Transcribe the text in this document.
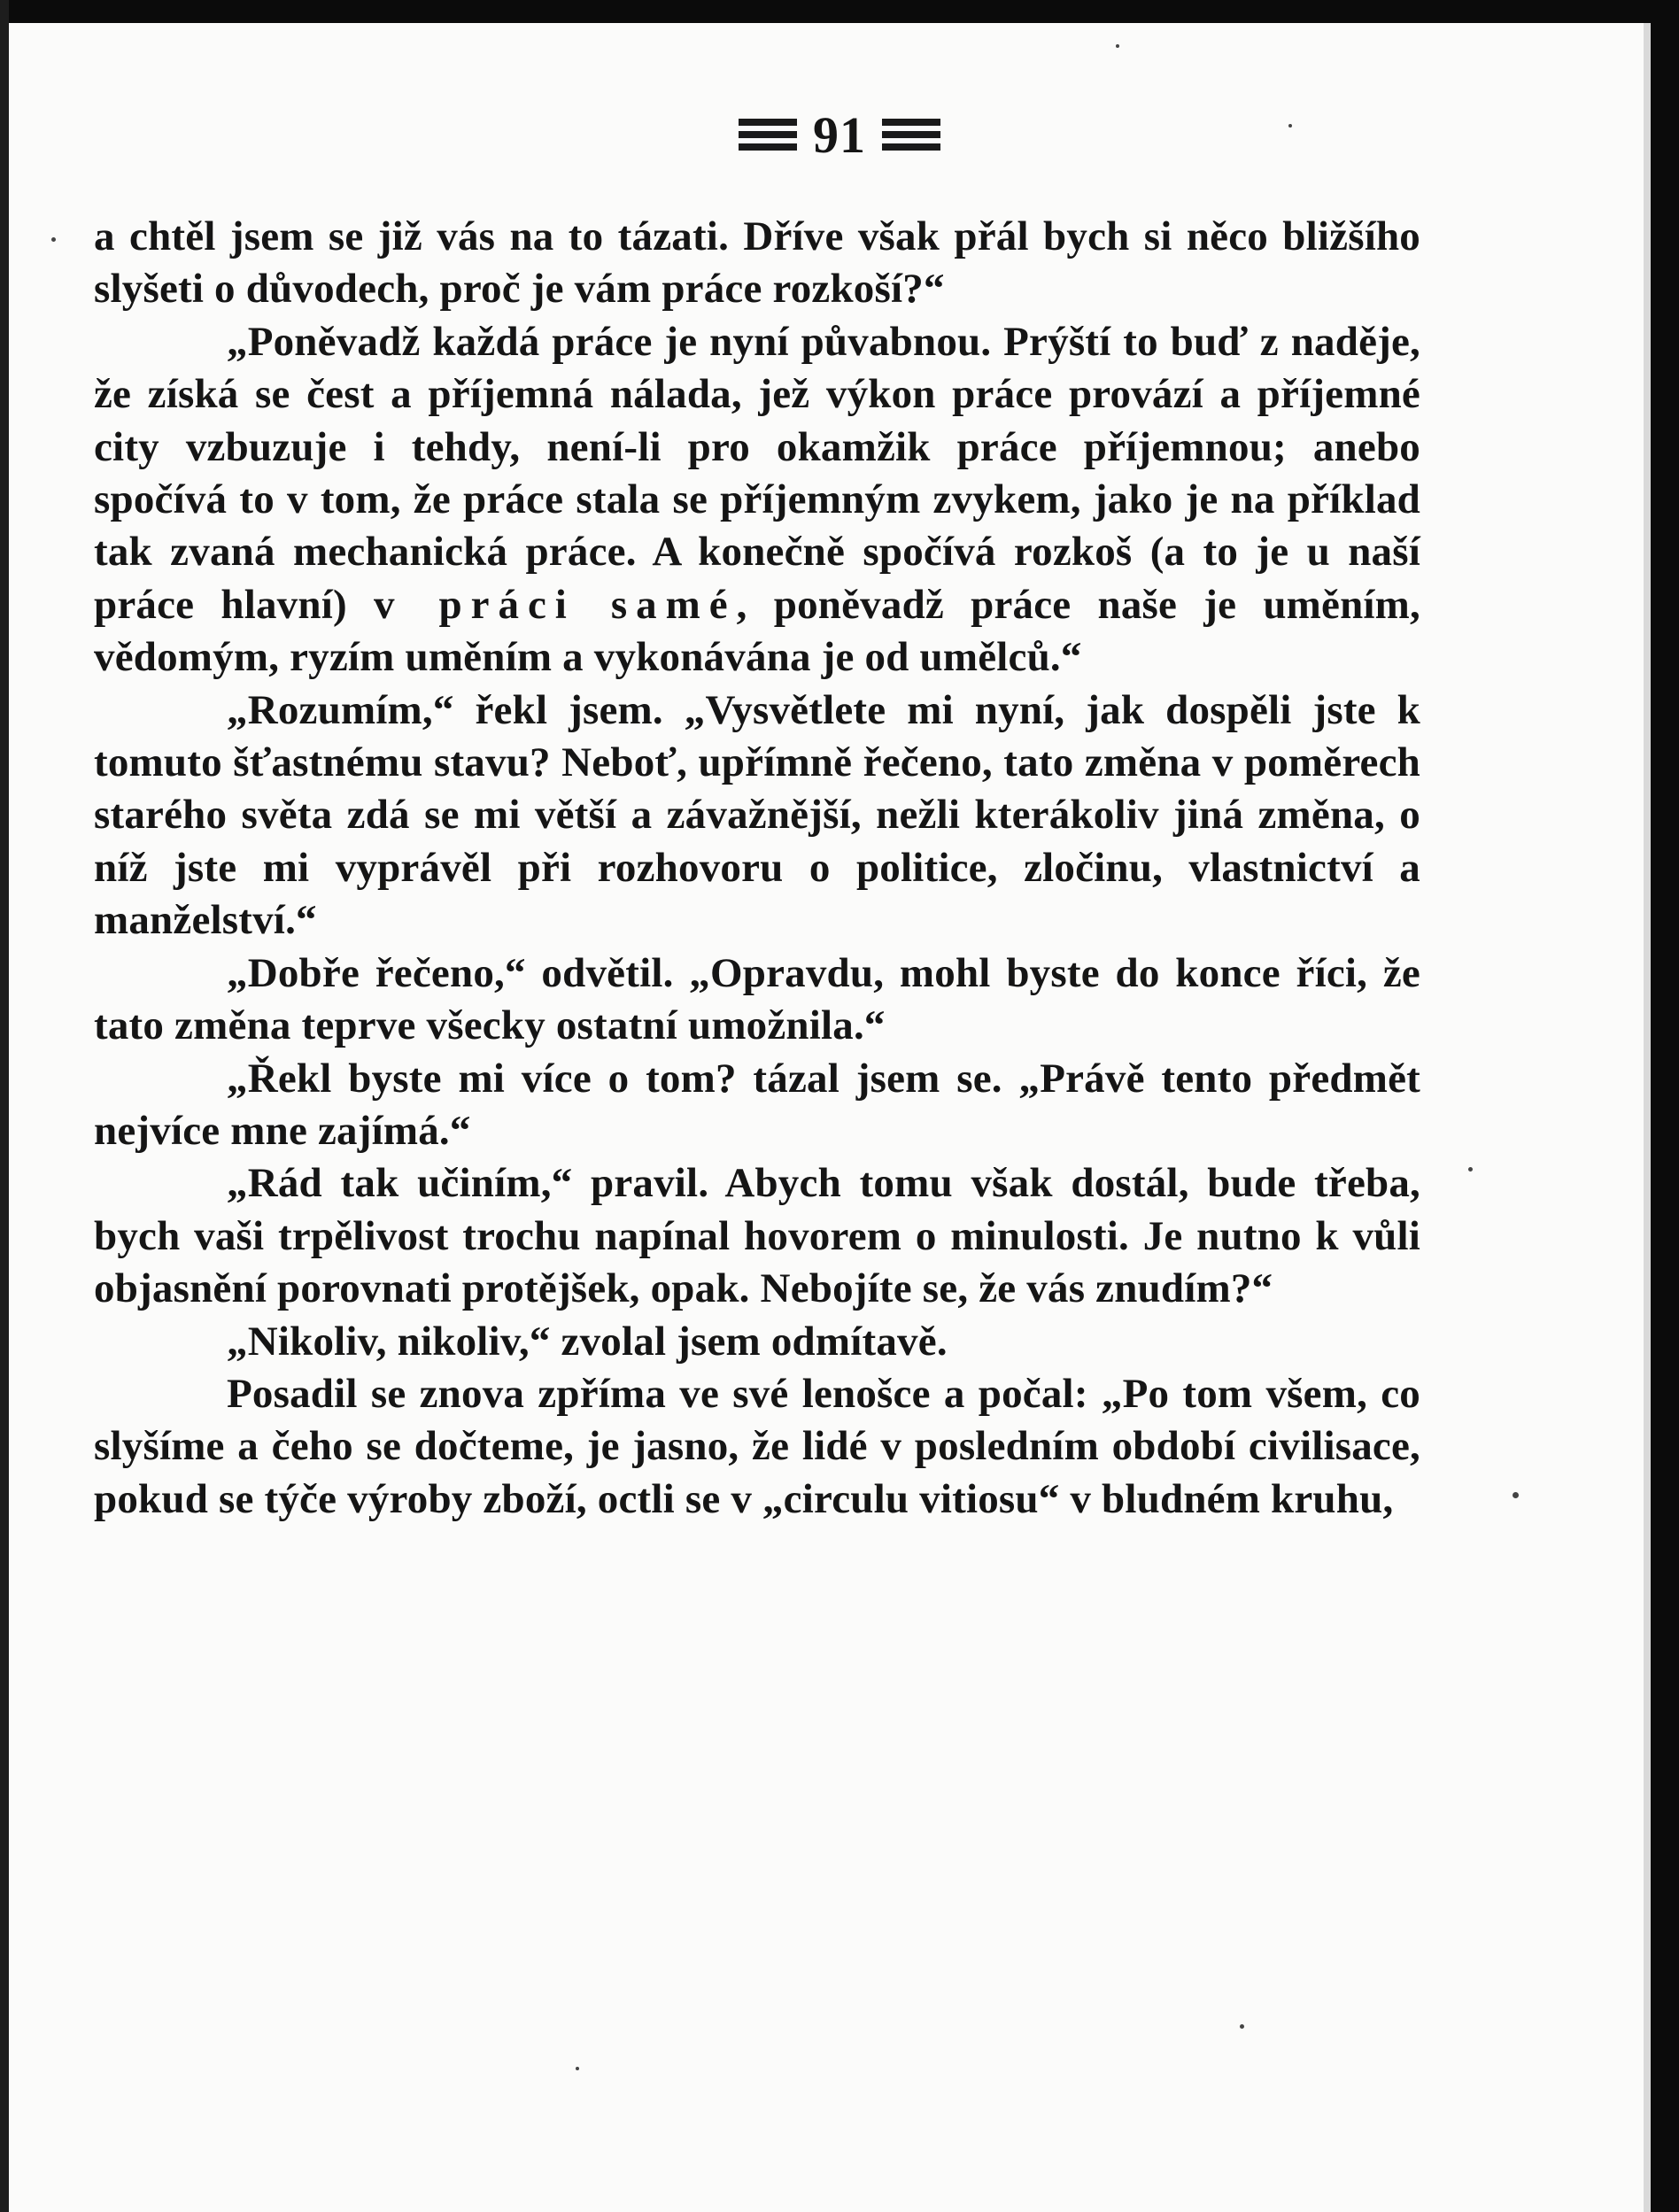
91

a chtěl jsem se již vás na to tázati. Dříve však přál bych si něco bližšího slyšeti o důvodech, proč je vám práce rozkoší?“

„Poněvadž každá práce je nyní půvabnou. Prýští to buď z naděje, že získá se čest a příjemná nálada, jež výkon práce provází a příjemné city vzbuzuje i tehdy, není-li pro okamžik práce příjemnou; anebo spočívá to v tom, že práce stala se příjemným zvykem, jako je na příklad tak zvaná mechanická práce. A konečně spočívá rozkoš (a to je u naší práce hlavní) v práci samé, poněvadž práce naše je uměním, vědomým, ryzím uměním a vykonávána je od umělců.“

„Rozumím,“ řekl jsem. „Vysvětlete mi nyní, jak dospěli jste k tomuto šťastnému stavu? Neboť, upřímně řečeno, tato změna v poměrech starého světa zdá se mi větší a závažnější, nežli kterákoliv jiná změna, o níž jste mi vyprávěl při rozhovoru o politice, zločinu, vlastnictví a manželství.“

„Dobře řečeno,“ odvětil. „Opravdu, mohl byste do konce říci, že tato změna teprve všecky ostatní umožnila.“

„Řekl byste mi více o tom? tázal jsem se. „Právě tento předmět nejvíce mne zajímá.“

„Rád tak učiním,“ pravil. Abych tomu však dostál, bude třeba, bych vaši trpělivost trochu napínal hovorem o minulosti. Je nutno k vůli objasnění porovnati protějšek, opak. Nebojíte se, že vás znudím?“

„Nikoliv, nikoliv,“ zvolal jsem odmítavě.

Posadil se znova zpříma ve své lenošce a počal: „Po tom všem, co slyšíme a čeho se dočteme, je jasno, že lidé v posledním období civilisace, pokud se týče výroby zboží, octli se v „circulu vitiosu“ v bludném kruhu,
